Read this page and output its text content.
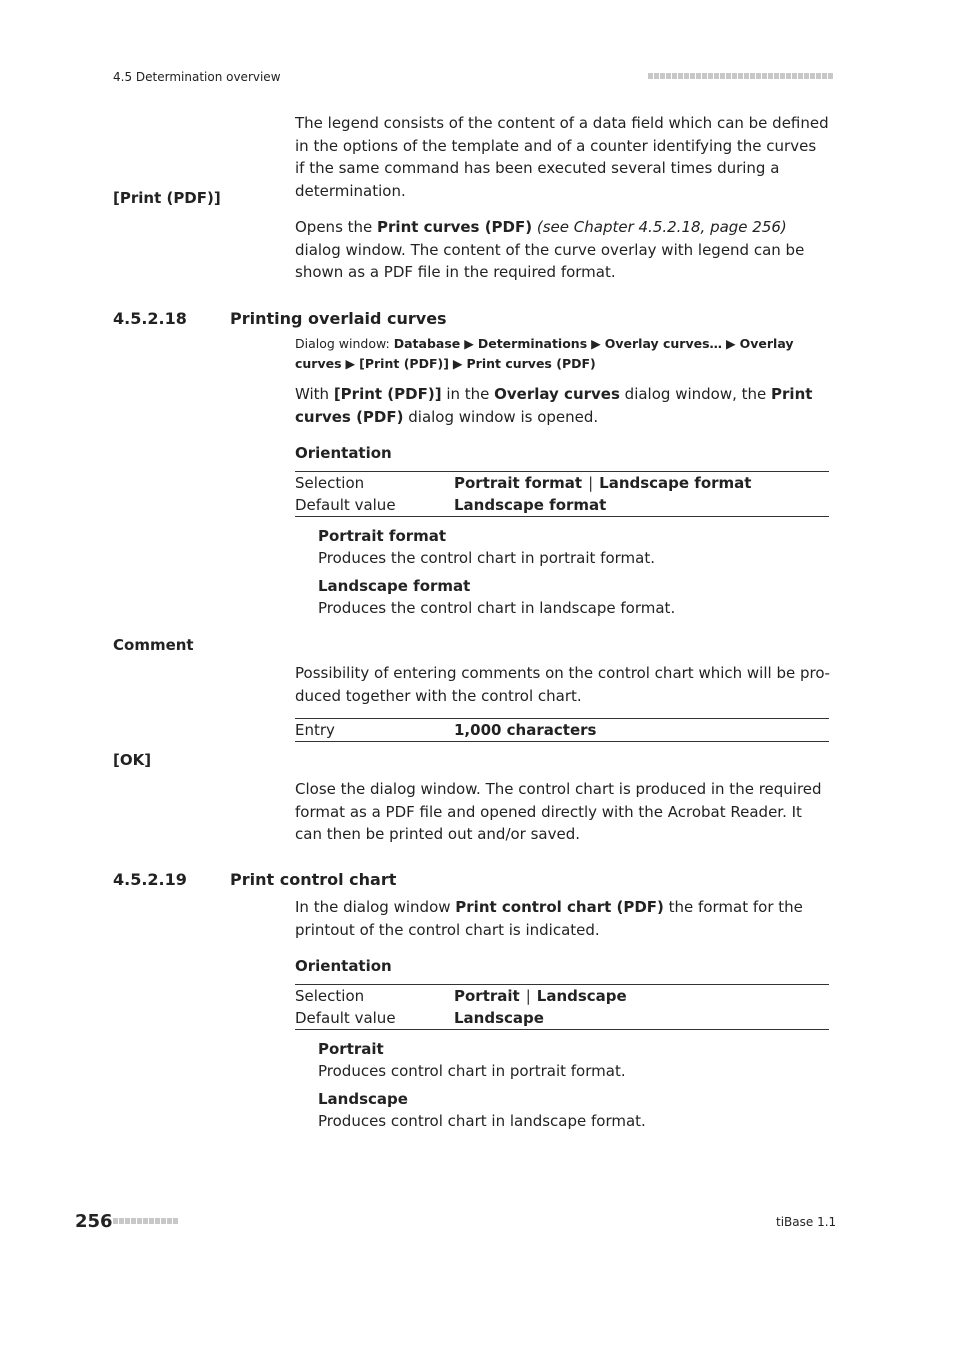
4.5 Determination overview
The legend consists of the content of a data field which can be defined in the options of the template and of a counter identifying the curves if the same command has been executed several times during a determination.
[Print (PDF)]
Opens the Print curves (PDF) (see Chapter 4.5.2.18, page 256) dialog window. The content of the curve overlay with legend can be shown as a PDF file in the required format.
4.5.2.18	Printing overlaid curves
Dialog window: Database ▶ Determinations ▶ Overlay curves… ▶ Overlay curves ▶ [Print (PDF)] ▶ Print curves (PDF)
With [Print (PDF)] in the Overlay curves dialog window, the Print curves (PDF) dialog window is opened.
Orientation
Selection	Portrait format | Landscape format
Default value	Landscape format
Portrait format
Produces the control chart in portrait format.
Landscape format
Produces the control chart in landscape format.
Comment
Possibility of entering comments on the control chart which will be produced together with the control chart.
Entry	1,000 characters
[OK]
Close the dialog window. The control chart is produced in the required format as a PDF file and opened directly with the Acrobat Reader. It can then be printed out and/or saved.
4.5.2.19	Print control chart
In the dialog window Print control chart (PDF) the format for the printout of the control chart is indicated.
Orientation
Selection	Portrait | Landscape
Default value	Landscape
Portrait
Produces control chart in portrait format.
Landscape
Produces control chart in landscape format.
256	tiBase 1.1
